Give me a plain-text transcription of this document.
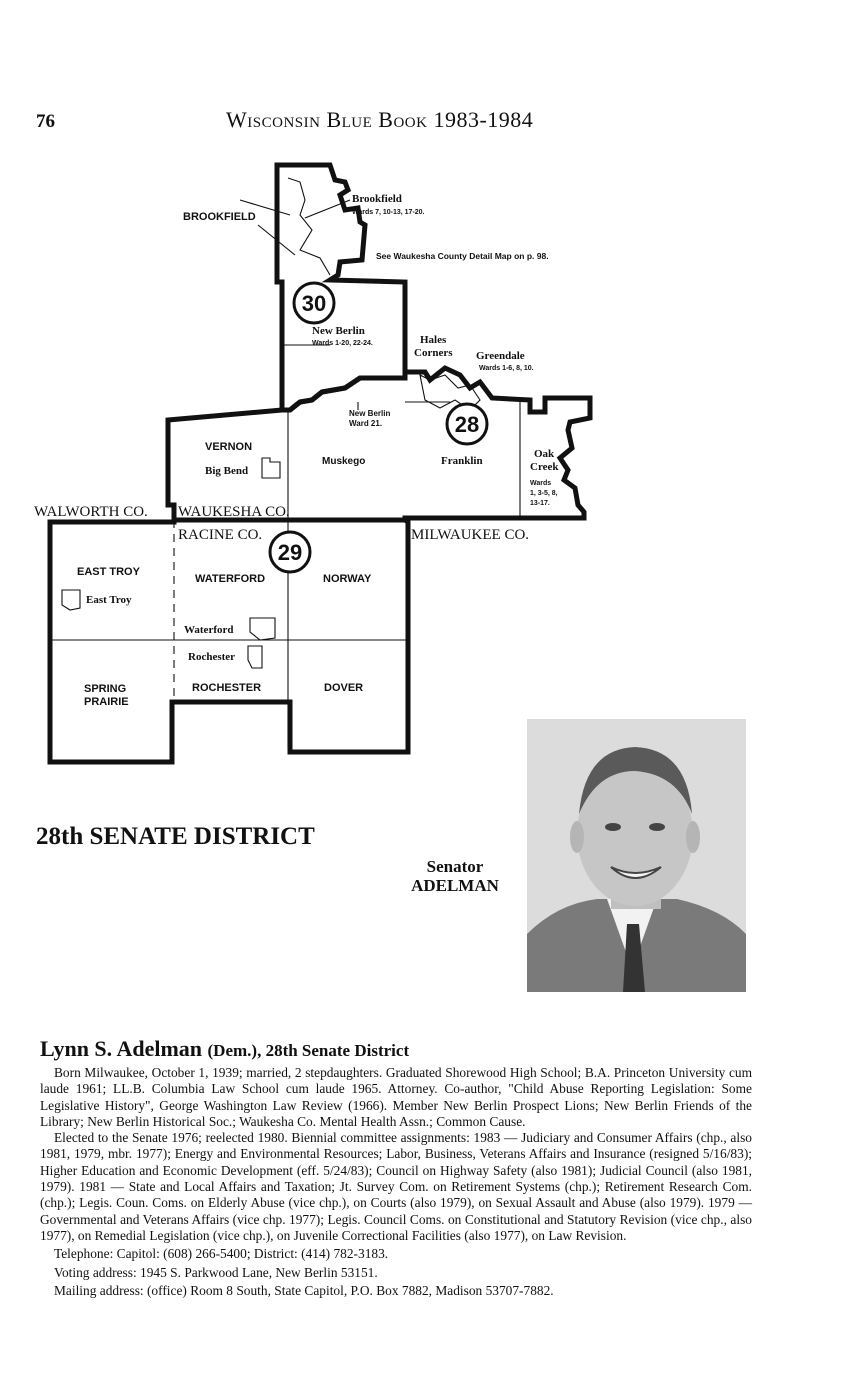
76	Wisconsin Blue Book 1983-1984
30
28
29
BROOKFIELD
Brookfield
Wards 7, 10-13, 17-20.
See Waukesha County Detail Map on p. 98.
New Berlin
Wards 1-20, 22-24.	Hales
Corners Greendale
Wards 1-6, 8, 10.
New Berlin
Ward 21.
VERNON
Big Bend
Muskego	Franklin
Oak
Creek
Wards
1, 3-5, 8,
13-17.
WALWORTH CO. WAUKESHA CO.
RACINE CO.	MILWAUKEE CO.
EAST TROY
East Troy
WATERFORD	NORWAY
Waterford
Rochester
SPRING
PRAIRIE
ROCHESTER	DOVER
28th SENATE DISTRICT
Senator
ADELMAN
Lynn S. Adelman (Dem.), 28th Senate District

Born Milwaukee, October 1, 1939; married, 2 stepdaughters. Graduated Shorewood High School; B.A. Princeton University cum laude 1961; LL.B. Columbia Law School cum laude 1965. Attorney. Co-author, "Child Abuse Reporting Legislation: Some Legislative History", George Washington Law Review (1966). Member New Berlin Prospect Lions; New Berlin Friends of the Library; New Berlin Historical Soc.; Waukesha Co. Mental Health Assn.; Common Cause.

Elected to the Senate 1976; reelected 1980. Biennial committee assignments: 1983 — Judiciary and Consumer Affairs (chp., also 1981, 1979, mbr. 1977); Energy and Environmental Resources; Labor, Business, Veterans Affairs and Insurance (resigned 5/16/83); Higher Education and Economic Development (eff. 5/24/83); Council on Highway Safety (also 1981); Judicial Council (also 1981, 1979). 1981 — State and Local Affairs and Taxation; Jt. Survey Com. on Retirement Systems (chp.); Retirement Research Com. (chp.); Legis. Coun. Coms. on Elderly Abuse (vice chp.), on Courts (also 1979), on Sexual Assault and Abuse (also 1979). 1979 — Governmental and Veterans Affairs (vice chp. 1977); Legis. Council Coms. on Constitutional and Statutory Revision (vice chp., also 1977), on Remedial Legislation (vice chp.), on Juvenile Correctional Facilities (also 1977), on Law Revision.

Telephone: Capitol: (608) 266-5400; District: (414) 782-3183.

Voting address: 1945 S. Parkwood Lane, New Berlin 53151.

Mailing address: (office) Room 8 South, State Capitol, P.O. Box 7882, Madison 53707-7882.
